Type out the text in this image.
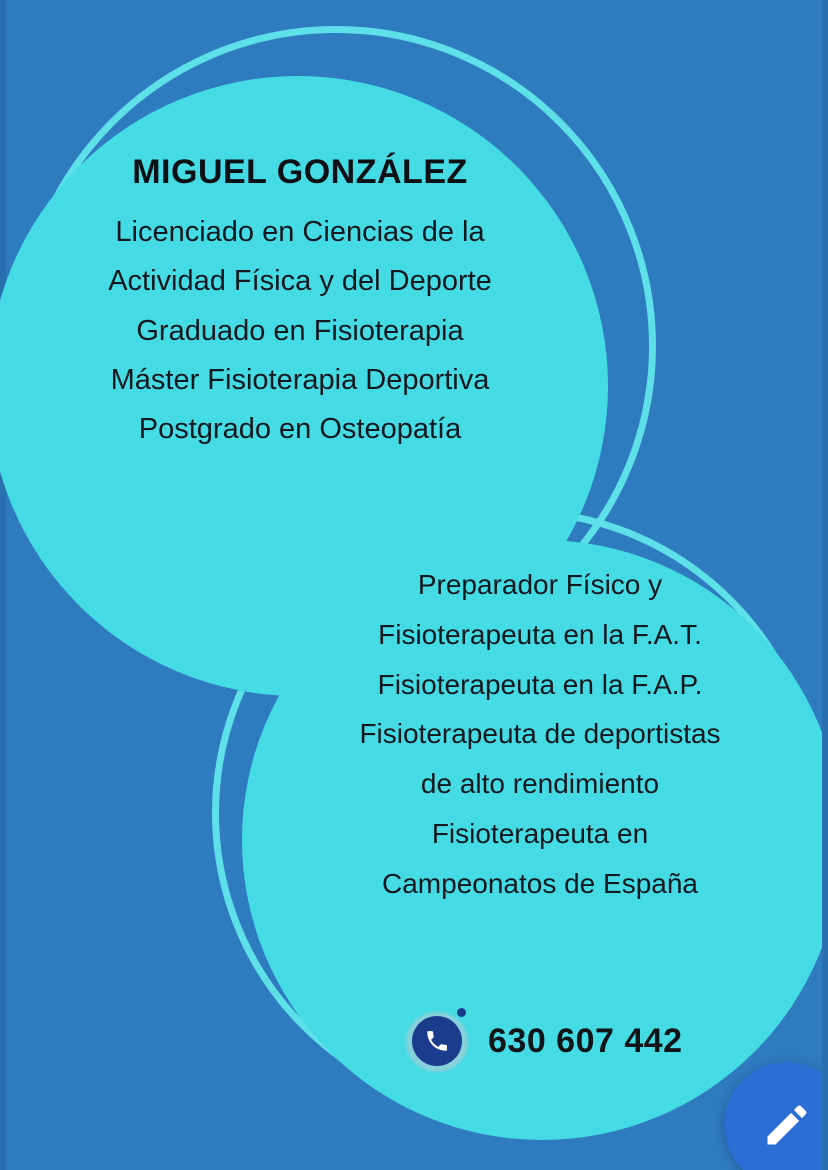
MIGUEL GONZÁLEZ

Licenciado en Ciencias de la

Actividad Física y del Deporte

Graduado en Fisioterapia

Máster Fisioterapia Deportiva

Postgrado en Osteopatía

Preparador Físico y

Fisioterapeuta en la F.A.T.

Fisioterapeuta en la F.A.P.

Fisioterapeuta de deportistas

de alto rendimiento

Fisioterapeuta en

Campeonatos de España

630 607 442
